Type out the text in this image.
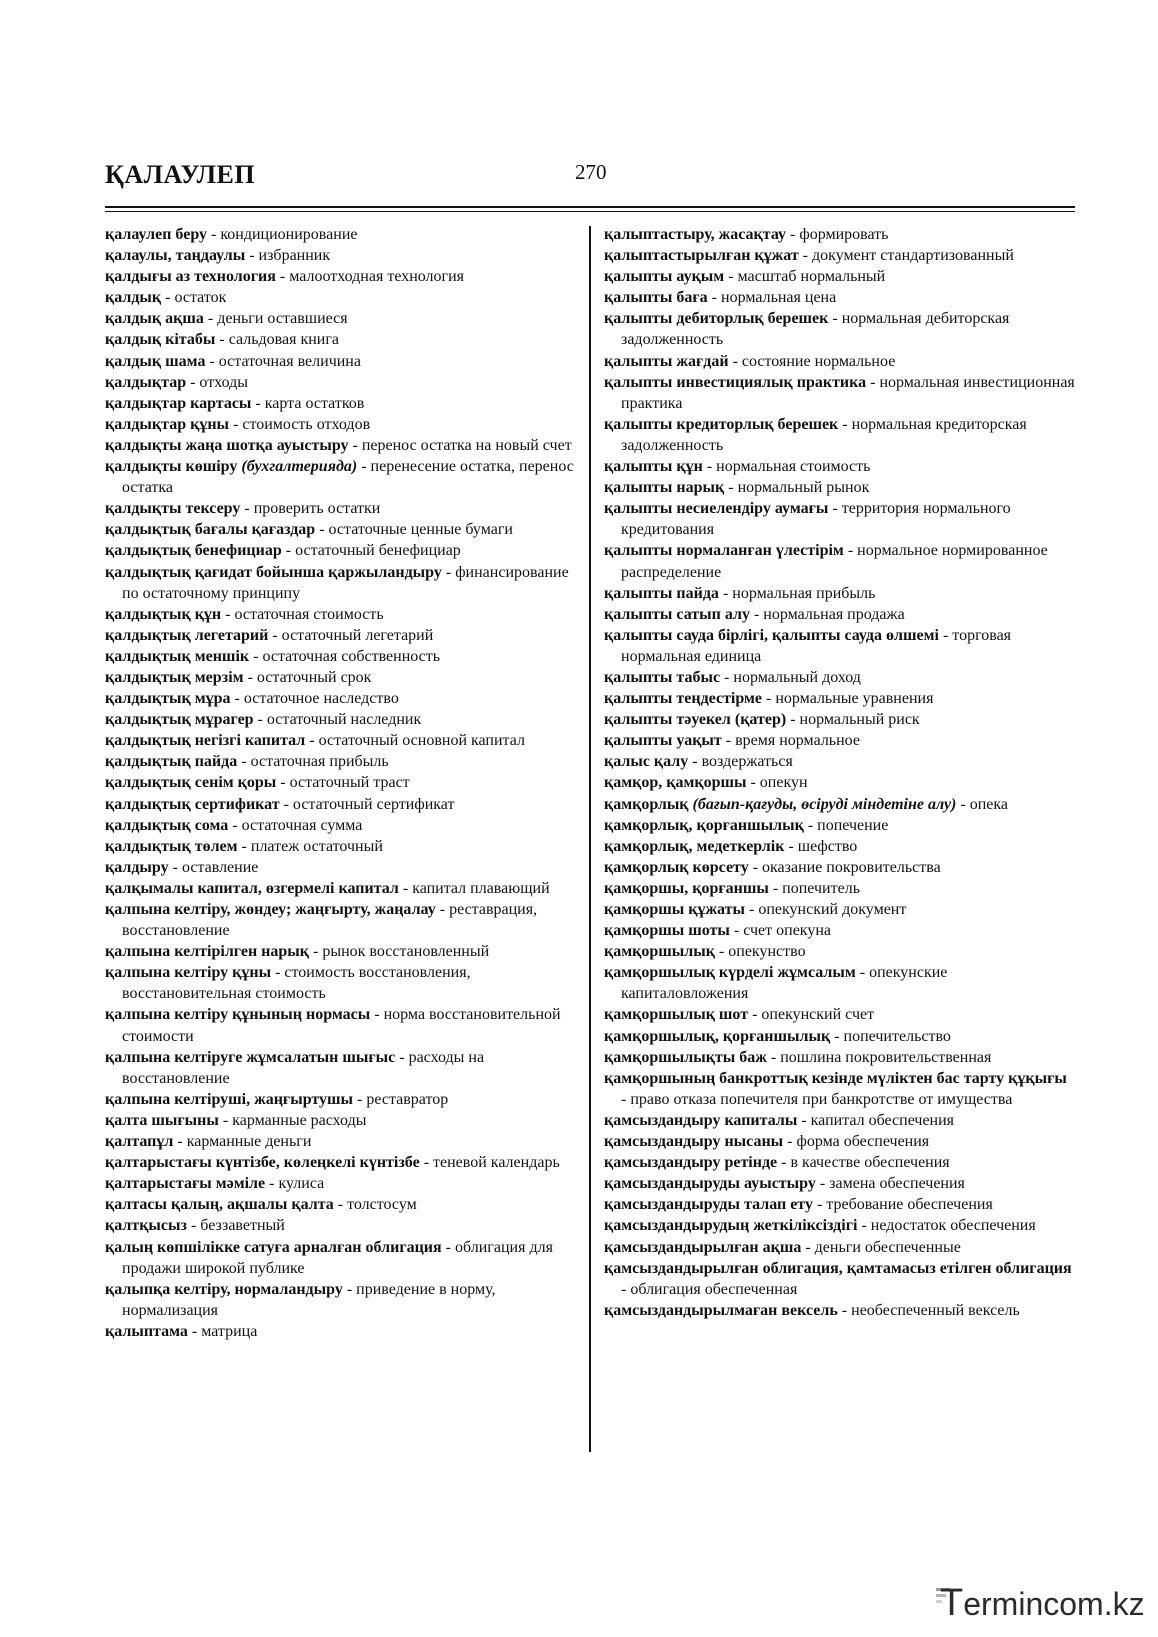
ҚАЛАУЛЕП	270

қалаулеп беру - кондиционирование

қалаулы, таңдаулы - избранник

қалдығы аз технология - малоотходная технология

қалдық - остаток

қалдық ақша - деньги оставшиеся

қалдық кітабы - сальдовая книга

қалдық шама - остаточная величина

қалдықтар - отходы

қалдықтар картасы - карта остатков

қалдықтар құны - стоимость отходов

қалдықты жаңа шотқа ауыстыру - перенос остатка на новый счет

қалдықты көшіру (бухгалтерияда) - перенесение остатка, перенос остатка

қалдықты тексеру - проверить остатки

қалдықтық бағалы қағаздар - остаточные ценные бумаги

қалдықтық бенефициар - остаточный бенефициар

қалдықтық қағидат бойынша қаржыландыру - финансирование по остаточному принципу

қалдықтық құн - остаточная стоимость

қалдықтық легетарий - остаточный легетарий

қалдықтық меншік - остаточная собственность

қалдықтық мерзім - остаточный срок

қалдықтық мұра - остаточное наследство

қалдықтық мұрагер - остаточный наследник

қалдықтық негізгі капитал - остаточный основной капитал

қалдықтық пайда - остаточная прибыль

қалдықтық сенім қоры - остаточный траст

қалдықтық сертификат - остаточный сертификат

қалдықтық сома - остаточная сумма

қалдықтық төлем - платеж остаточный

қалдыру - оставление

қалқымалы капитал, өзгермелі капитал - капитал плавающий

қалпына келтіру, жөндеу; жаңғырту, жаңалау - реставрация, восстановление

қалпына келтірілген нарық - рынок восстановленный

қалпына келтіру құны - стоимость восстановления, восстановительная стоимость

қалпына келтіру құнының нормасы - норма восстановительной стоимости

қалпына келтіруге жұмсалатын шығыс - расходы на восстановление

қалпына келтіруші, жаңғыртушы - реставратор

қалта шығыны - карманные расходы

қалтапұл - карманные деньги

қалтарыстағы күнтізбе, көлеңкелі күнтізбе - теневой календарь

қалтарыстағы мәміле - кулиса

қалтасы қалың, ақшалы қалта - толстосум

қалтқысыз - беззаветный

қалың көпшілікке сатуға арналған облигация - облигация для продажи широкой публике

қалыпқа келтіру, нормаландыру - приведение в норму, нормализация

қалыптама - матрица

қалыптастыру, жасақтау - формировать

қалыптастырылған құжат - документ стандартизованный

қалыпты ауқым - масштаб нормальный

қалыпты баға - нормальная цена

қалыпты дебиторлық берешек - нормальная дебиторская задолженность

қалыпты жағдай - состояние нормальное

қалыпты инвестициялық практика - нормальная инвестиционная практика

қалыпты кредиторлық берешек - нормальная кредиторская задолженность

қалыпты құн - нормальная стоимость

қалыпты нарық - нормальный рынок

қалыпты несиелендіру аумағы - территория нормального кредитования

қалыпты нормаланған үлестірім - нормальное нормированное распределение

қалыпты пайда - нормальная прибыль

қалыпты сатып алу - нормальная продажа

қалыпты сауда бірлігі, қалыпты сауда өлшемі - торговая нормальная единица

қалыпты табыс - нормальный доход

қалыпты теңдестірме - нормальные уравнения

қалыпты тәуекел (қатер) - нормальный риск

қалыпты уақыт - время нормальное

қалыс қалу - воздержаться

қамқор, қамқоршы - опекун

қамқорлық (бағып-қағуды, өсіруді міндетіне алу) - опека

қамқорлық, қорғаншылық - попечение

қамқорлық, медеткерлік - шефство

қамқорлық көрсету - оказание покровительства

қамқоршы, қорғаншы - попечитель

қамқоршы құжаты - опекунский документ

қамқоршы шоты - счет опекуна

қамқоршылық - опекунство

қамқоршылық күрделі жұмсалым - опекунские капиталовложения

қамқоршылық шот - опекунский счет

қамқоршылық, қорғаншылық - попечительство

қамқоршылықты баж - пошлина покровительственная

қамқоршының банкроттық кезінде мүліктен бас тарту құқығы - право отказа попечителя при банкротстве от имущества

қамсыздандыру капиталы - капитал обеспечения

қамсыздандыру нысаны - форма обеспечения

қамсыздандыру ретінде - в качестве обеспечения

қамсыздандыруды ауыстыру - замена обеспечения

қамсыздандыруды талап ету - требование обеспечения

қамсыздандырудың жеткіліксіздігі - недостаток обеспечения

қамсыздандырылған ақша - деньги обеспеченные

қамсыздандырылған облигация, қамтамасыз етілген облигация - облигация обеспеченная

қамсыздандырылмаған вексель - необеспеченный вексель

Termincom.kz
